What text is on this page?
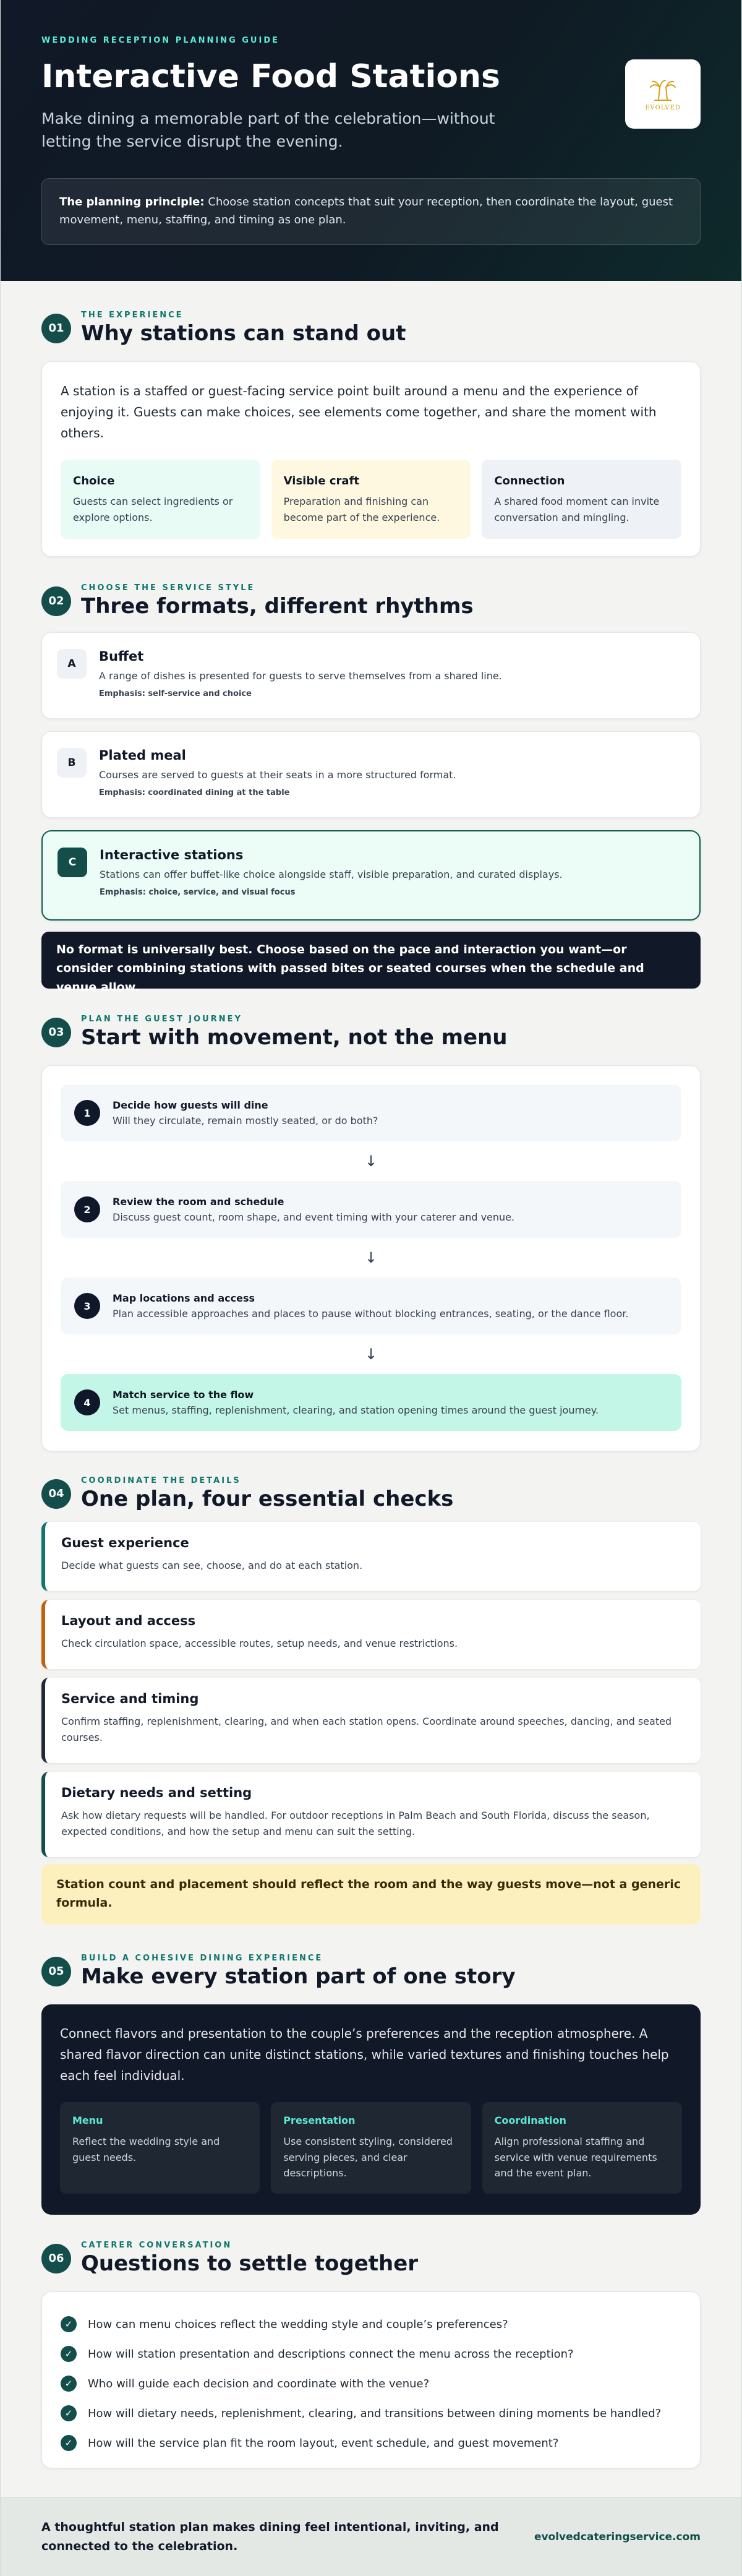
WEDDING RECEPTION PLANNING GUIDE
Interactive Food Stations

Make dining a memorable part of the celebration—without letting the service disrupt the evening.

EVOLVED
The planning principle: Choose station concepts that suit your reception, then coordinate the layout, guest movement, menu, staffing, and timing as one plan.
01
THE EXPERIENCE
Why stations can stand out

A station is a staffed or guest-facing service point built around a menu and the experience of enjoying it. Guests can make choices, see elements come together, and share the moment with others.

Choice

Guests can select ingredients or explore options.

Visible craft

Preparation and finishing can become part of the experience.

Connection

A shared food moment can invite conversation and mingling.

02
CHOOSE THE SERVICE STYLE
Three formats, different rhythms
A	Buffet

A range of dishes is presented for guests to serve themselves from a shared line.

Emphasis: self-service and choice

B	Plated meal

Courses are served to guests at their seats in a more structured format.

Emphasis: coordinated dining at the table

C	Interactive stations

Stations can offer buffet-like choice alongside staff, visible preparation, and curated displays.

Emphasis: choice, service, and visual focus

No format is universally best. Choose based on the pace and interaction you want—or consider combining stations with passed bites or seated courses when the schedule and venue allow.
03
PLAN THE GUEST JOURNEY
Start with movement, not the menu
1
Decide how guests will dine

Will they circulate, remain mostly seated, or do both?

↓
2
Review the room and schedule

Discuss guest count, room shape, and event timing with your caterer and venue.

↓
3
Map locations and access

Plan accessible approaches and places to pause without blocking entrances, seating, or the dance floor.

↓
4
Match service to the flow

Set menus, staffing, replenishment, clearing, and station opening times around the guest journey.

04
COORDINATE THE DETAILS
One plan, four essential checks
Guest experience

Decide what guests can see, choose, and do at each station.

Layout and access

Check circulation space, accessible routes, setup needs, and venue restrictions.

Service and timing

Confirm staffing, replenishment, clearing, and when each station opens. Coordinate around speeches, dancing, and seated courses.

Dietary needs and setting

Ask how dietary requests will be handled. For outdoor receptions in Palm Beach and South Florida, discuss the season, expected conditions, and how the setup and menu can suit the setting.

Station count and placement should reflect the room and the way guests move—not a generic formula.
05
BUILD A COHESIVE DINING EXPERIENCE
Make every station part of one story

Connect flavors and presentation to the couple’s preferences and the reception atmosphere. A shared flavor direction can unite distinct stations, while varied textures and finishing touches help each feel individual.

Menu

Reflect the wedding style and guest needs.

Presentation

Use consistent styling, considered serving pieces, and clear descriptions.

Coordination

Align professional staffing and service with venue requirements and the event plan.

06
CATERER CONVERSATION
Questions to settle together
✓	How can menu choices reflect the wedding style and couple’s preferences?
✓	How will station presentation and descriptions connect the menu across the reception?
✓	Who will guide each decision and coordinate with the venue?
✓	How will dietary needs, replenishment, clearing, and transitions between dining moments be handled?
✓	How will the service plan fit the room layout, event schedule, and guest movement?
A thoughtful station plan makes dining feel intentional, inviting, and connected to the celebration.
evolvedcateringservice.com
